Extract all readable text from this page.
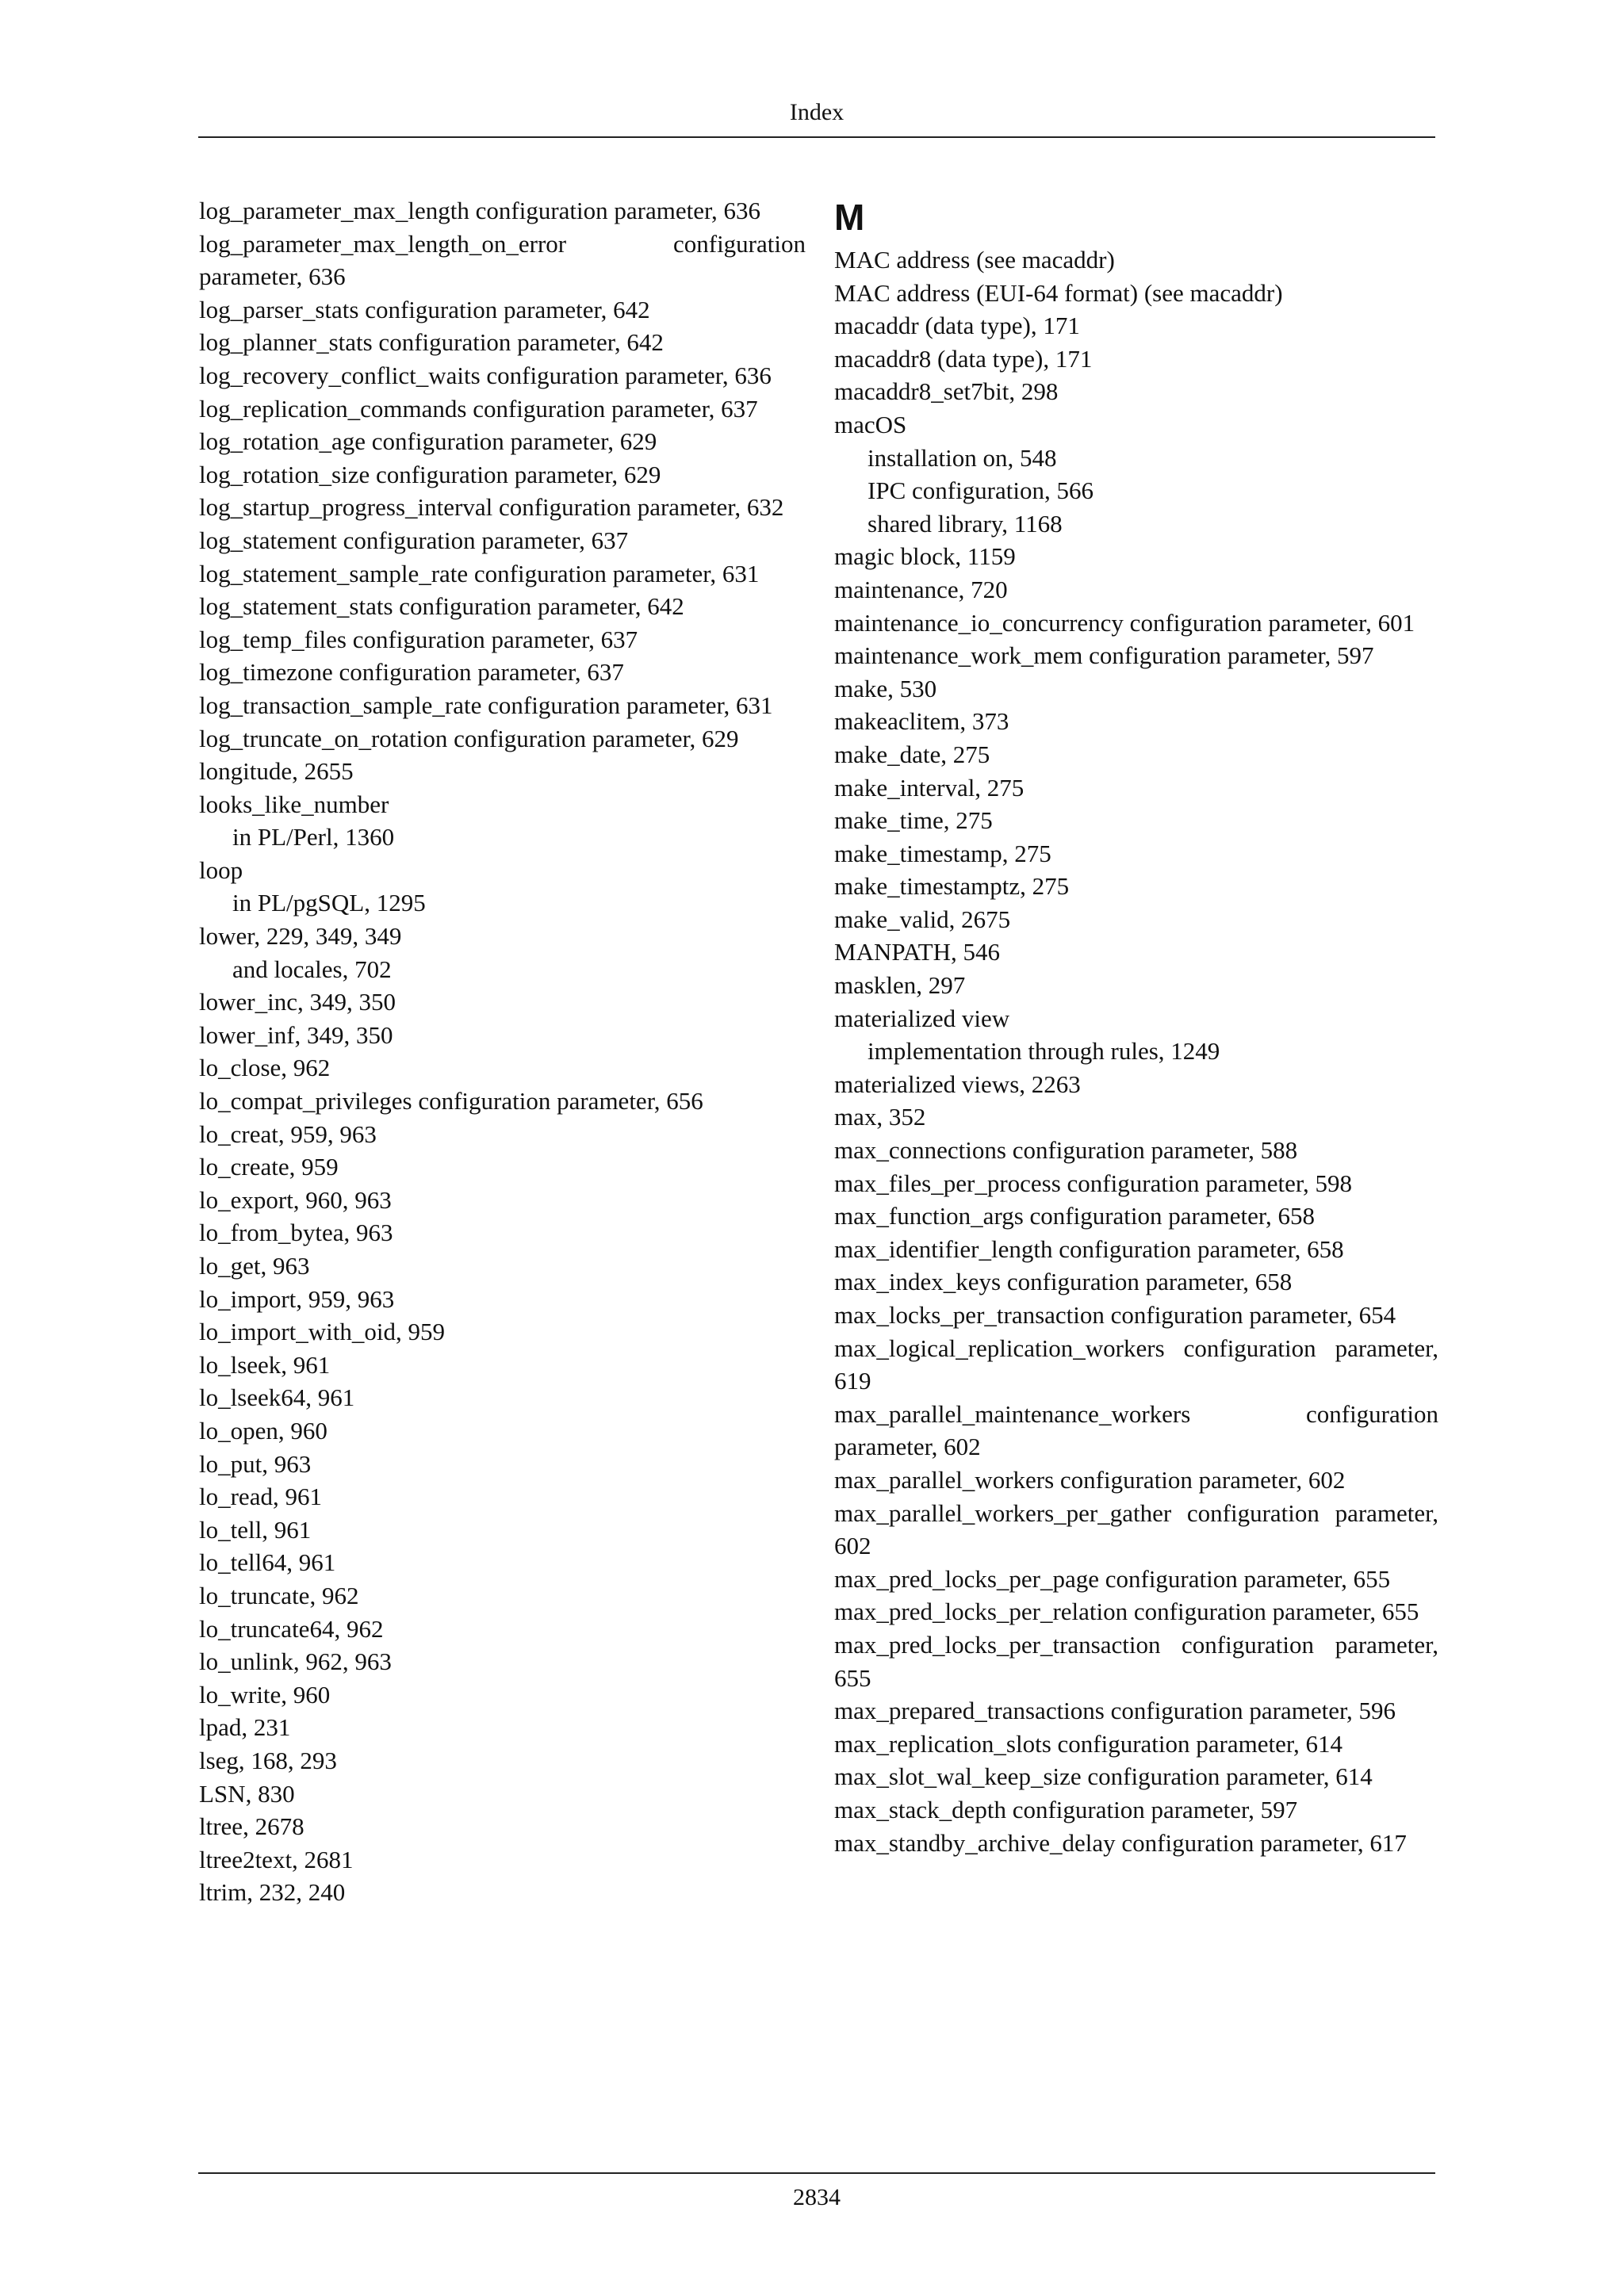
Index

log_parameter_max_length configuration parameter, 636

log_parameter_max_length_on_error configuration parameter, 636

log_parser_stats configuration parameter, 642

log_planner_stats configuration parameter, 642

log_recovery_conflict_waits configuration parameter, 636

log_replication_commands configuration parameter, 637

log_rotation_age configuration parameter, 629

log_rotation_size configuration parameter, 629

log_startup_progress_interval configuration parameter, 632

log_statement configuration parameter, 637

log_statement_sample_rate configuration parameter, 631

log_statement_stats configuration parameter, 642

log_temp_files configuration parameter, 637

log_timezone configuration parameter, 637

log_transaction_sample_rate configuration parameter, 631

log_truncate_on_rotation configuration parameter, 629

longitude, 2655

looks_like_number

in PL/Perl, 1360

loop

in PL/pgSQL, 1295

lower, 229, 349, 349

and locales, 702

lower_inc, 349, 350

lower_inf, 349, 350

lo_close, 962

lo_compat_privileges configuration parameter, 656

lo_creat, 959, 963

lo_create, 959

lo_export, 960, 963

lo_from_bytea, 963

lo_get, 963

lo_import, 959, 963

lo_import_with_oid, 959

lo_lseek, 961

lo_lseek64, 961

lo_open, 960

lo_put, 963

lo_read, 961

lo_tell, 961

lo_tell64, 961

lo_truncate, 962

lo_truncate64, 962

lo_unlink, 962, 963

lo_write, 960

lpad, 231

lseg, 168, 293

LSN, 830

ltree, 2678

ltree2text, 2681

ltrim, 232, 240

M

MAC address (see macaddr)

MAC address (EUI-64 format) (see macaddr)

macaddr (data type), 171

macaddr8 (data type), 171

macaddr8_set7bit, 298

macOS

installation on, 548

IPC configuration, 566

shared library, 1168

magic block, 1159

maintenance, 720

maintenance_io_concurrency configuration parameter, 601

maintenance_work_mem configuration parameter, 597

make, 530

makeaclitem, 373

make_date, 275

make_interval, 275

make_time, 275

make_timestamp, 275

make_timestamptz, 275

make_valid, 2675

MANPATH, 546

masklen, 297

materialized view

implementation through rules, 1249

materialized views, 2263

max, 352

max_connections configuration parameter, 588

max_files_per_process configuration parameter, 598

max_function_args configuration parameter, 658

max_identifier_length configuration parameter, 658

max_index_keys configuration parameter, 658

max_locks_per_transaction configuration parameter, 654

max_logical_replication_workers configuration parameter, 619

max_parallel_maintenance_workers configuration parameter, 602

max_parallel_workers configuration parameter, 602

max_parallel_workers_per_gather configuration parameter, 602

max_pred_locks_per_page configuration parameter, 655

max_pred_locks_per_relation configuration parameter, 655

max_pred_locks_per_transaction configuration parameter, 655

max_prepared_transactions configuration parameter, 596

max_replication_slots configuration parameter, 614

max_slot_wal_keep_size configuration parameter, 614

max_stack_depth configuration parameter, 597

max_standby_archive_delay configuration parameter, 617

2834
